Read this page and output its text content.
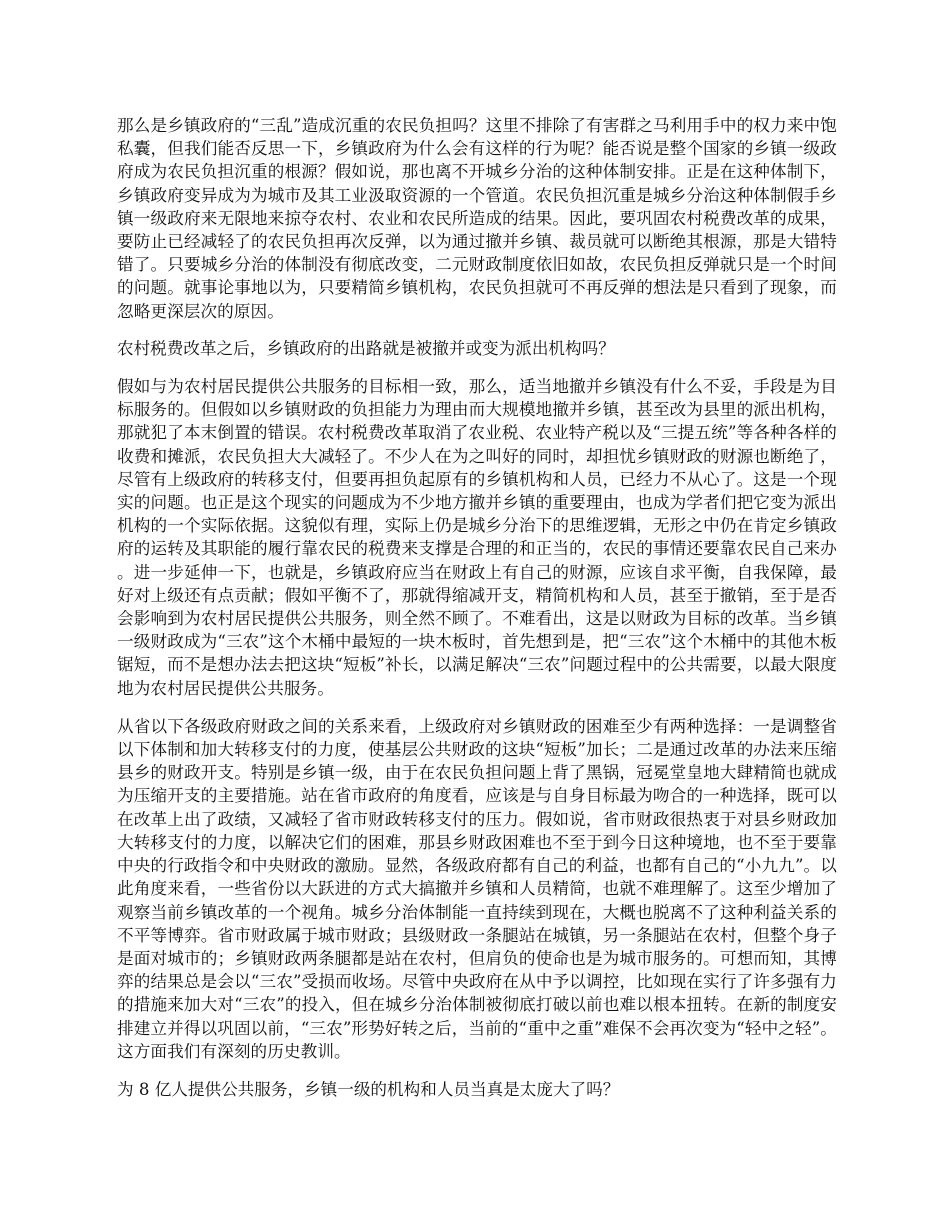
那么是乡镇政府的“三乱”造成沉重的农民负担吗？这里不排除了有害群之马利用手中的权力来中饱私囊，但我们能否反思一下，乡镇政府为什么会有这样的行为呢？能否说是整个国家的乡镇一级政府成为农民负担沉重的根源？假如说，那也离不开城乡分治的这种体制安排。正是在这种体制下，乡镇政府变异成为为城市及其工业汲取资源的一个管道。农民负担沉重是城乡分治这种体制假手乡镇一级政府来无限地来掠夺农村、农业和农民所造成的结果。因此，要巩固农村税费改革的成果，要防止已经减轻了的农民负担再次反弹，以为通过撤并乡镇、裁员就可以断绝其根源，那是大错特错了。只要城乡分治的体制没有彻底改变，二元财政制度依旧如故，农民负担反弹就只是一个时间的问题。就事论事地以为，只要精简乡镇机构，农民负担就可不再反弹的想法是只看到了现象，而忽略更深层次的原因。

农村税费改革之后，乡镇政府的出路就是被撤并或变为派出机构吗？

假如与为农村居民提供公共服务的目标相一致，那么，适当地撤并乡镇没有什么不妥，手段是为目标服务的。但假如以乡镇财政的负担能力为理由而大规模地撤并乡镇，甚至改为县里的派出机构，那就犯了本末倒置的错误。农村税费改革取消了农业税、农业特产税以及“三提五统”等各种各样的收费和摊派，农民负担大大减轻了。不少人在为之叫好的同时，却担忧乡镇财政的财源也断绝了，尽管有上级政府的转移支付，但要再担负起原有的乡镇机构和人员，已经力不从心了。这是一个现实的问题。也正是这个现实的问题成为不少地方撤并乡镇的重要理由，也成为学者们把它变为派出机构的一个实际依据。这貌似有理，实际上仍是城乡分治下的思维逻辑，无形之中仍在肯定乡镇政府的运转及其职能的履行靠农民的税费来支撑是合理的和正当的，农民的事情还要靠农民自己来办。进一步延伸一下，也就是，乡镇政府应当在财政上有自己的财源，应该自求平衡，自我保障，最好对上级还有点贡献；假如平衡不了，那就得缩减开支，精简机构和人员，甚至于撤销，至于是否会影响到为农村居民提供公共服务，则全然不顾了。不难看出，这是以财政为目标的改革。当乡镇一级财政成为“三农”这个木桶中最短的一块木板时，首先想到是，把“三农”这个木桶中的其他木板锯短，而不是想办法去把这块“短板”补长，以满足解决“三农”问题过程中的公共需要，以最大限度地为农村居民提供公共服务。

从省以下各级政府财政之间的关系来看，上级政府对乡镇财政的困难至少有两种选择：一是调整省以下体制和加大转移支付的力度，使基层公共财政的这块“短板”加长；二是通过改革的办法来压缩县乡的财政开支。特别是乡镇一级，由于在农民负担问题上背了黑锅，冠冕堂皇地大肆精简也就成为压缩开支的主要措施。站在省市政府的角度看，应该是与自身目标最为吻合的一种选择，既可以在改革上出了政绩，又减轻了省市财政转移支付的压力。假如说，省市财政很热衷于对县乡财政加大转移支付的力度，以解决它们的困难，那县乡财政困难也不至于到今日这种境地，也不至于要靠中央的行政指令和中央财政的激励。显然，各级政府都有自己的利益，也都有自己的“小九九”。以此角度来看，一些省份以大跃进的方式大搞撤并乡镇和人员精简，也就不难理解了。这至少增加了观察当前乡镇改革的一个视角。城乡分治体制能一直持续到现在，大概也脱离不了这种利益关系的不平等博弈。省市财政属于城市财政；县级财政一条腿站在城镇，另一条腿站在农村，但整个身子是面对城市的；乡镇财政两条腿都是站在农村，但肩负的使命也是为城市服务的。可想而知，其博弈的结果总是会以“三农”受损而收场。尽管中央政府在从中予以调控，比如现在实行了许多强有力的措施来加大对“三农”的投入，但在城乡分治体制被彻底打破以前也难以根本扭转。在新的制度安排建立并得以巩固以前，“三农”形势好转之后，当前的“重中之重”难保不会再次变为“轻中之轻”。这方面我们有深刻的历史教训。

为 8 亿人提供公共服务，乡镇一级的机构和人员当真是太庞大了吗？
